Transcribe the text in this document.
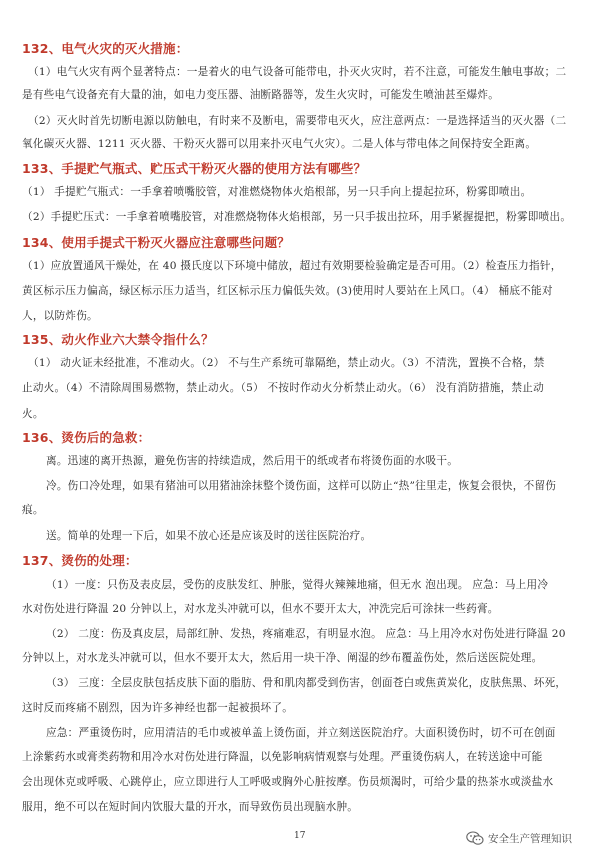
132、电气火灾的灭火措施：
（1）电气火灾有两个显著特点：一是着火的电气设备可能带电，扑灭火灾时，若不注意，可能发生触电事故；二
是有些电气设备充有大量的油，如电力变压器、油断路器等，发生火灾时，可能发生喷油甚至爆炸。
（2）灭火时首先切断电源以防触电，有时来不及断电，需要带电灭火，应注意两点：一是选择适当的灭火器（二
氧化碳灭火器、1211 灭火器、干粉灭火器可以用来扑灭电气火灾）。二是人体与带电体之间保持安全距离。
133、手提贮气瓶式、贮压式干粉灭火器的使用方法有哪些？
（1） 手提贮气瓶式：一手拿着喷嘴胶管，对准燃烧物体火焰根部，另一只手向上提起拉环，粉雾即喷出。
（2）手提贮压式：一手拿着喷嘴胶管，对准燃烧物体火焰根部，另一只手拔出拉环，用手紧握提把，粉雾即喷出。
134、使用手提式干粉灭火器应注意哪些问题？
（1）应放置通风干燥处，在 40 摄氏度以下环境中储放，超过有效期要检验确定是否可用。（2）检查压力指针，
黄区标示压力偏高，绿区标示压力适当，红区标示压力偏低失效。(3)使用时人要站在上风口。（4） 桶底不能对
人，以防炸伤。
135、动火作业六大禁令指什么？
（1） 动火证未经批准，不准动火。（2） 不与生产系统可靠隔绝，禁止动火。（3）不清洗，置换不合格，禁
止动火。（4）不清除周围易燃物，禁止动火。（5） 不按时作动火分析禁止动火。（6） 没有消防措施，禁止动
火。
136、烫伤后的急救：
离。迅速的离开热源，避免伤害的持续造成，然后用干的纸或者布将烫伤面的水吸干。
冷。伤口冷处理，如果有猪油可以用猪油涂抹整个烫伤面，这样可以防止“热”往里走，恢复会很快，不留伤
痕。
送。简单的处理一下后，如果不放心还是应该及时的送往医院治疗。
137、烫伤的处理：
（1）一度：只伤及表皮层，受伤的皮肤发红、肿胀，觉得火辣辣地痛，但无水 泡出现。 应急：马上用冷
水对伤处进行降温 20 分钟以上，对水龙头冲就可以，但水不要开太大，冲洗完后可涂抹一些药膏。
（2） 二度：伤及真皮层，局部红肿、发热，疼痛难忍，有明显水泡。 应急：马上用冷水对伤处进行降温 20
分钟以上，对水龙头冲就可以，但水不要开太大，然后用一块干净、阐湿的纱布覆盖伤处，然后送医院处理。
（3） 三度：全层皮肤包括皮肤下面的脂肪、骨和肌肉都受到伤害，创面苍白或焦黄炭化，皮肤焦黑、坏死，
这时反而疼痛不剧烈，因为许多神经也都一起被损坏了。
应急：严重烫伤时，应用清洁的毛巾或被单盖上烫伤面，并立刻送医院治疗。大面积烫伤时，切不可在创面
上涂紫药水或膏类药物和用冷水对伤处进行降温，以免影响病情观察与处理。严重烫伤病人，在转送途中可能
会出现休克或呼吸、心跳停止，应立即进行人工呼吸或胸外心脏按摩。伤员烦渴时，可给少量的热茶水或淡盐水
服用，绝不可以在短时间内饮服大量的开水，而导致伤员出现脑水肿。
17	安全生产管理知识
